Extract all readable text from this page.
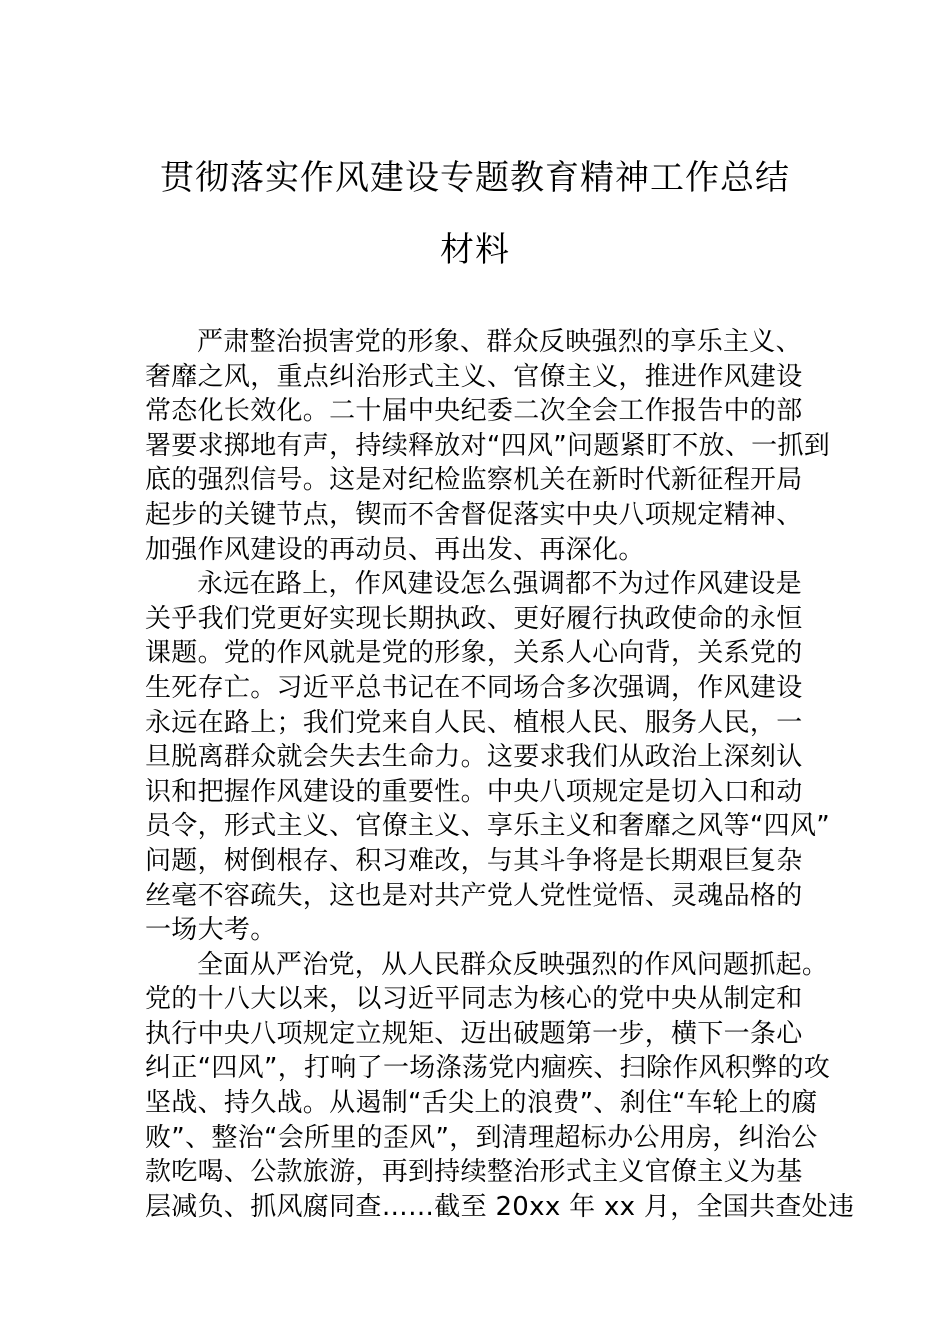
贯彻落实作风建设专题教育精神工作总结
材料
严肃整治损害党的形象、群众反映强烈的享乐主义、
奢靡之风，重点纠治形式主义、官僚主义，推进作风建设
常态化长效化。二十届中央纪委二次全会工作报告中的部
署要求掷地有声，持续释放对“四风”问题紧盯不放、一抓到
底的强烈信号。这是对纪检监察机关在新时代新征程开局
起步的关键节点，锲而不舍督促落实中央八项规定精神、
加强作风建设的再动员、再出发、再深化。
永远在路上，作风建设怎么强调都不为过作风建设是
关乎我们党更好实现长期执政、更好履行执政使命的永恒
课题。党的作风就是党的形象，关系人心向背，关系党的
生死存亡。习近平总书记在不同场合多次强调，作风建设
永远在路上；我们党来自人民、植根人民、服务人民，一
旦脱离群众就会失去生命力。这要求我们从政治上深刻认
识和把握作风建设的重要性。中央八项规定是切入口和动
员令，形式主义、官僚主义、享乐主义和奢靡之风等“四风”
问题，树倒根存、积习难改，与其斗争将是长期艰巨复杂
丝毫不容疏失，这也是对共产党人党性觉悟、灵魂品格的
一场大考。
全面从严治党，从人民群众反映强烈的作风问题抓起。
党的十八大以来，以习近平同志为核心的党中央从制定和
执行中央八项规定立规矩、迈出破题第一步，横下一条心
纠正“四风”，打响了一场涤荡党内痼疾、扫除作风积弊的攻
坚战、持久战。从遏制“舌尖上的浪费”、刹住“车轮上的腐
败”、整治“会所里的歪风”，到清理超标办公用房，纠治公
款吃喝、公款旅游，再到持续整治形式主义官僚主义为基
层减负、抓风腐同查……截至 20xx 年 xx 月，全国共查处违
